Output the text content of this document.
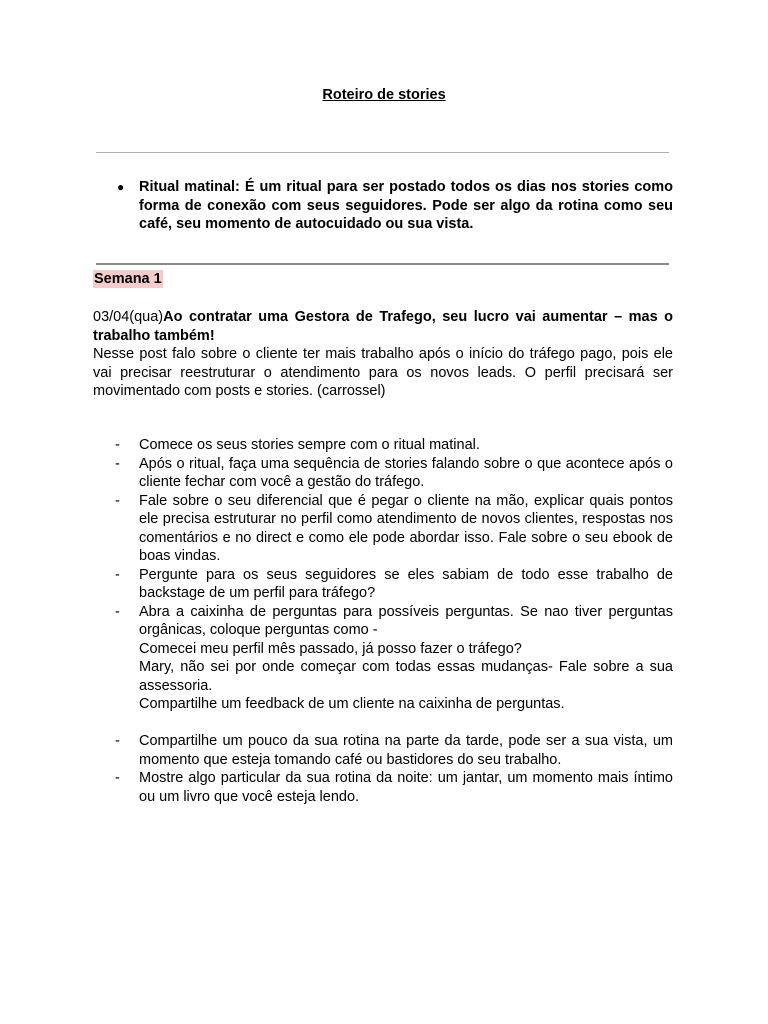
Roteiro de stories
●	Ritual matinal: É um ritual para ser postado todos os dias nos stories como forma de conexão com seus seguidores. Pode ser algo da rotina como seu café, seu momento de autocuidado ou sua vista.
Semana 1
03/04(qua)Ao contratar uma Gestora de Trafego, seu lucro vai aumentar – mas o trabalho também!
Nesse post falo sobre o cliente ter mais trabalho após o início do tráfego pago, pois ele vai precisar reestruturar o atendimento para os novos leads. O perfil precisará ser movimentado com posts e stories. (carrossel)
-	Comece os seus stories sempre com o ritual matinal.
-	Após o ritual, faça uma sequência de stories falando sobre o que acontece após o cliente fechar com você a gestão do tráfego.
-	Fale sobre o seu diferencial que é pegar o cliente na mão, explicar quais pontos ele precisa estruturar no perfil como atendimento de novos clientes, respostas nos comentários e no direct e como ele pode abordar isso. Fale sobre o seu ebook de boas vindas.
-	Pergunte para os seus seguidores se eles sabiam de todo esse trabalho de backstage de um perfil para tráfego?
-	Abra a caixinha de perguntas para possíveis perguntas. Se nao tiver perguntas orgânicas, coloque perguntas como -
Comecei meu perfil mês passado, já posso fazer o tráfego?
Mary, não sei por onde começar com todas essas mudanças- Fale sobre a sua assessoria.
Compartilhe um feedback de um cliente na caixinha de perguntas.
-	Compartilhe um pouco da sua rotina na parte da tarde, pode ser a sua vista, um momento que esteja tomando café ou bastidores do seu trabalho.
-	Mostre algo particular da sua rotina da noite: um jantar, um momento mais íntimo ou um livro que você esteja lendo.
